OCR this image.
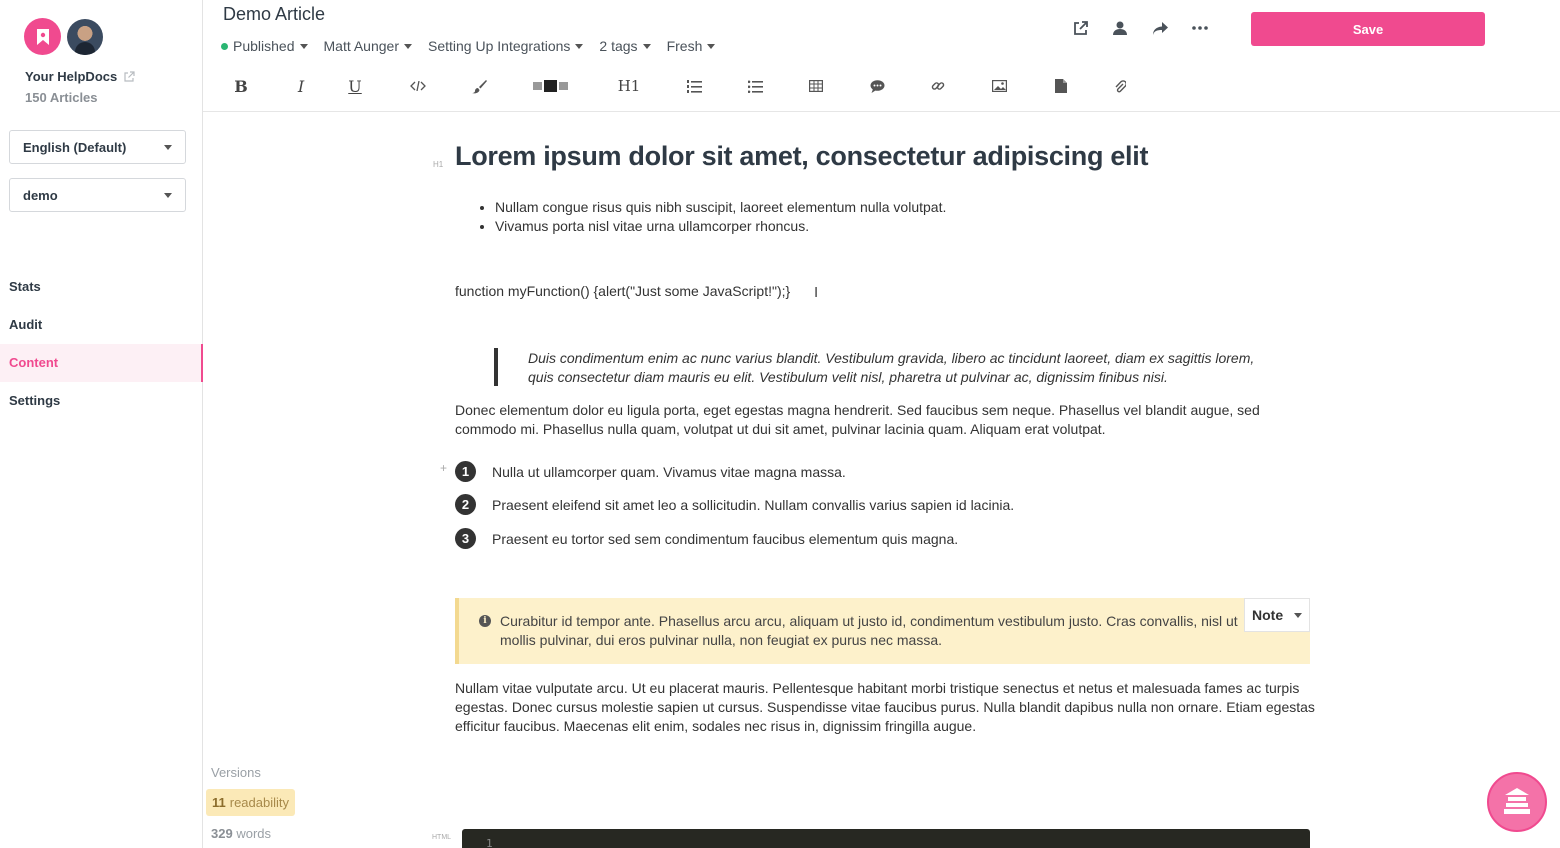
Your HelpDocs
150 Articles
English (Default)
demo
Stats
Audit
Content
Settings
Versions
11 readability
329 words
Demo Article
Published Matt Aunger Setting Up Integrations 2 tags Fresh
Save
B	I	U	H1
H1 Lorem ipsum dolor sit amet, consectetur adipiscing elit
• Nullam congue risus quis nibh suscipit, laoreet elementum nulla volutpat.
• Vivamus porta nisl vitae urna ullamcorper rhoncus.
function myFunction() {alert("Just some JavaScript!");} I
Duis condimentum enim ac nunc varius blandit. Vestibulum gravida, libero ac tincidunt laoreet, diam ex sagittis lorem, quis consectetur diam mauris eu elit. Vestibulum velit nisl, pharetra ut pulvinar ac, dignissim finibus nisi.
Donec elementum dolor eu ligula porta, eget egestas magna hendrerit. Sed faucibus sem neque. Phasellus vel blandit augue, sed commodo mi. Phasellus nulla quam, volutpat ut dui sit amet, pulvinar lacinia quam. Aliquam erat volutpat.
+	1	Nulla ut ullamcorper quam. Vivamus vitae magna massa.
2	Praesent eleifend sit amet leo a sollicitudin. Nullam convallis varius sapien id lacinia.
3	Praesent eu tortor sed sem condimentum faucibus elementum quis magna.
i Curabitur id tempor ante. Phasellus arcu arcu, aliquam ut justo id, condimentum vestibulum justo. Cras convallis, nisl ut mollis pulvinar, dui eros pulvinar nulla, non feugiat ex purus nec massa.
Note
Nullam vitae vulputate arcu. Ut eu placerat mauris. Pellentesque habitant morbi tristique senectus et netus et malesuada fames ac turpis egestas. Donec cursus molestie sapien ut cursus. Suspendisse vitae faucibus purus. Nulla blandit dapibus nulla non ornare. Etiam egestas efficitur faucibus. Maecenas elit enim, sodales nec risus in, dignissim fringilla augue.
HTML	1
